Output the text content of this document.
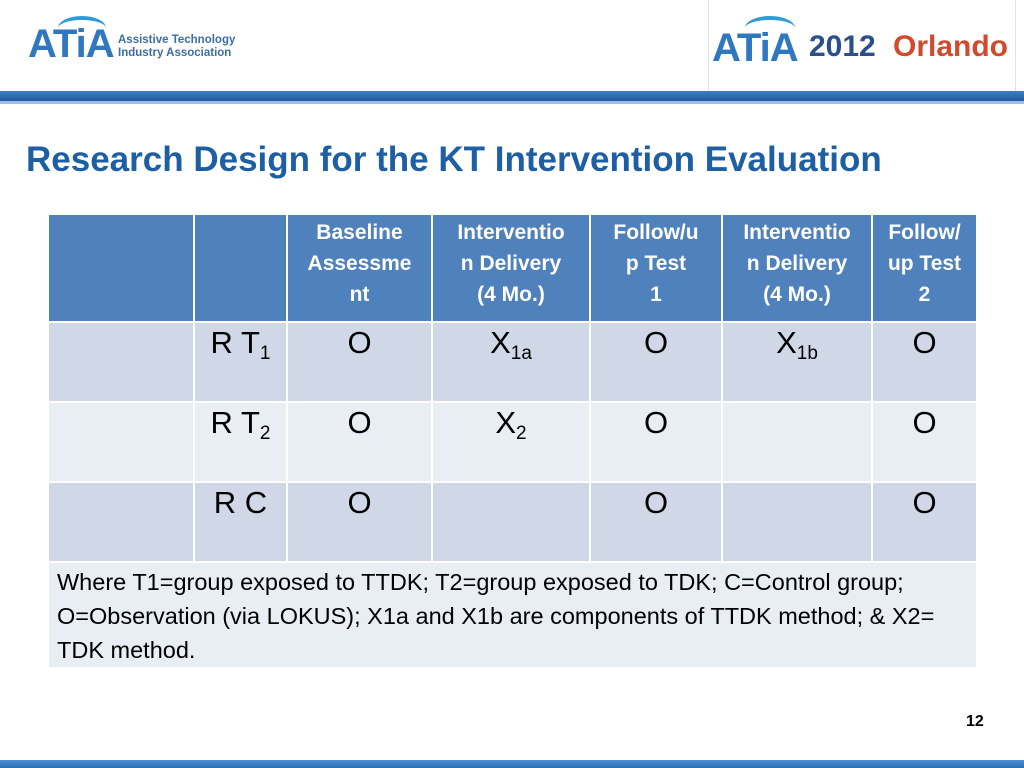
ATiA Assistive Technology
Industry Association	ATiA 2012 Orlando
Research Design for the KT Intervention Evaluation
		Baseline
Assessme
nt	Interventio
n Delivery
(4 Mo.)	Follow/u
p Test
1	Interventio
n Delivery
(4 Mo.)	Follow/
up Test
2
	R $T_1$	O	$X_{1a}$	O	$X_{1b}$	O
	R $T_2$	O	$X_2$	O		O
	R C	O		O		O
Where T1=group exposed to TTDK; T2=group exposed to TDK; C=Control group; O=Observation (via LOKUS); X1a and X1b are components of TTDK method; & X2= TDK method.						
12
